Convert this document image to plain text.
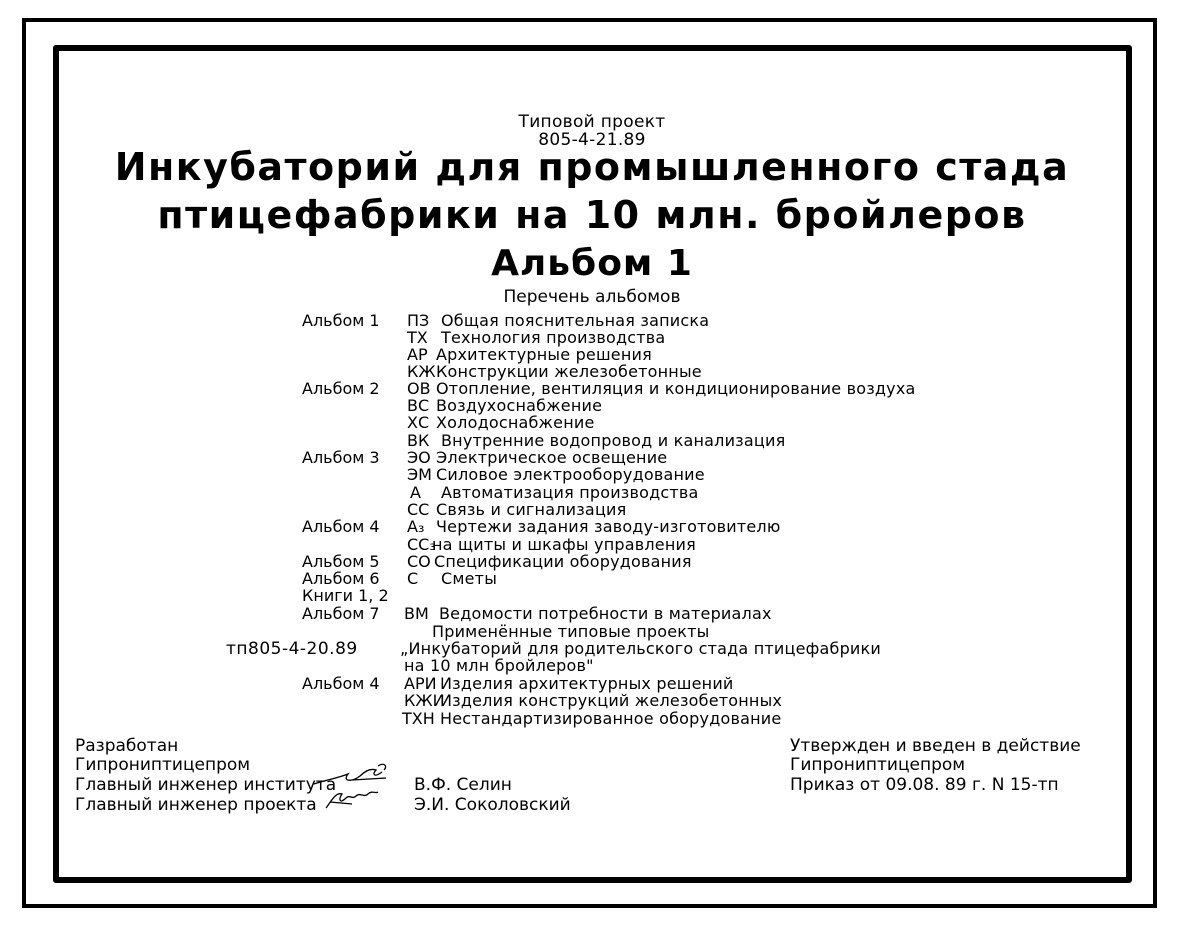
Типовой проект
805-4-21.89
Инкубаторий для промышленного стада
птицефабрики на 10 млн. бройлеров
Альбом 1
Перечень альбомов
Альбом 1 ПЗ Общая пояснительная записка
ТХ Технология производства
АР Архитектурные решения
КЖ Конструкции железобетонные
Альбом 2 ОВ Отопление, вентиляция и кондиционирование воздуха
ВС Воздухоснабжение
ХС Холодоснабжение
ВК Внутренние водопровод и канализация
Альбом 3 ЭО Электрическое освещение
ЭМ Силовое электрооборудование
А Автоматизация производства
СС Связь и сигнализация
Альбом 4 А₃ Чертежи задания заводу-изготовителю
СС₃
на щиты и шкафы управления
Альбом 5 СО Спецификации оборудования
Альбом 6 С Сметы
Книги 1, 2
Альбом 7 ВМ Ведомости потребности в материалах
Применённые типовые проекты
тп805-4-20.89	„Инкубаторий для родительского стада птицефабрики
на 10 млн бройлеров"
Альбом 4 АРИ Изделия архитектурных решений
КЖИ
Изделия конструкций железобетонных
ТХН Нестандартизированное оборудование
Разработан
Гипрониптицепром
Главный инженер института
Главный инженер проекта
В.Ф. Селин
Э.И. Соколовский
Утвержден и введен в действие
Гипрониптицепром
Приказ от 09.08. 89 г. N 15-тп
